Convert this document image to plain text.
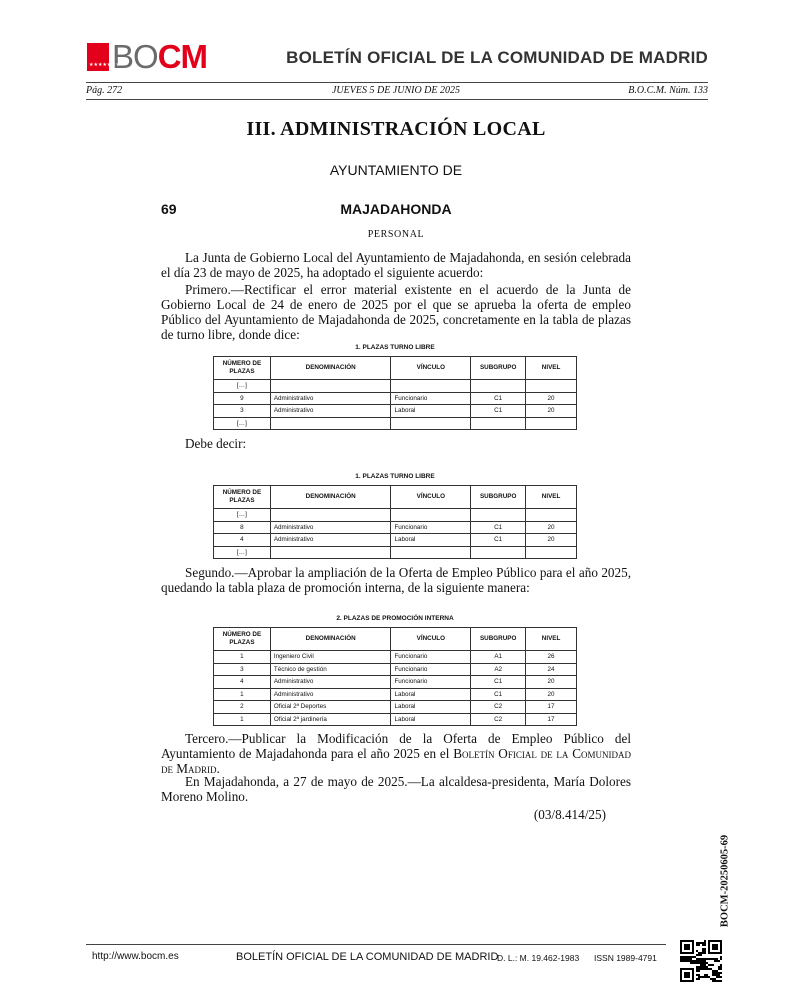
★★★★★★★
BOCM	BOLETÍN OFICIAL DE LA COMUNIDAD DE MADRID
Pág. 272	JUEVES 5 DE JUNIO DE 2025	B.O.C.M. Núm. 133
III. ADMINISTRACIÓN LOCAL
AYUNTAMIENTO DE
69	MAJADAHONDA
PERSONAL

La Junta de Gobierno Local del Ayuntamiento de Majadahonda, en sesión celebrada el día 23 de mayo de 2025, ha adoptado el siguiente acuerdo:

Primero.—Rectificar el error material existente en el acuerdo de la Junta de Gobierno Local de 24 de enero de 2025 por el que se aprueba la oferta de empleo Público del Ayuntamiento de Majadahonda de 2025, concretamente en la tabla de plazas de turno libre, donde dice:

1. PLAZAS TURNO LIBRE
NÚMERO DE PLAZAS	DENOMINACIÓN	VÍNCULO	SUBGRUPO	NIVEL
[…]				
9	Administrativo	Funcionario	C1	20
3	Administrativo	Laboral	C1	20
[…]				

Debe decir:

1. PLAZAS TURNO LIBRE
NÚMERO DE PLAZAS	DENOMINACIÓN	VÍNCULO	SUBGRUPO	NIVEL
[…]				
8	Administrativo	Funcionario	C1	20
4	Administrativo	Laboral	C1	20
[…]				

Segundo.—Aprobar la ampliación de la Oferta de Empleo Público para el año 2025, quedando la tabla plaza de promoción interna, de la siguiente manera:

2. PLAZAS DE PROMOCIÓN INTERNA
NÚMERO DE PLAZAS	DENOMINACIÓN	VÍNCULO	SUBGRUPO	NIVEL
1	Ingeniero Civil	Funcionario	A1	26
3	Técnico de gestión	Funcionario	A2	24
4	Administrativo	Funcionario	C1	20
1	Administrativo	Laboral	C1	20
2	Oficial 2ª Deportes	Laboral	C2	17
1	Oficial 2ª jardinería	Laboral	C2	17

Tercero.—Publicar la Modificación de la Oferta de Empleo Público del Ayuntamiento de Majadahonda para el año 2025 en el Boletín Oficial de la Comunidad de Madrid.

En Majadahonda, a 27 de mayo de 2025.—La alcaldesa-presidenta, María Dolores Moreno Molino.

(03/8.414/25)
BOCM-20250605-69
http://www.bocm.es	BOLETÍN OFICIAL DE LA COMUNIDAD DE MADRID
D. L.: M. 19.462-1983 ISSN 1989-4791
